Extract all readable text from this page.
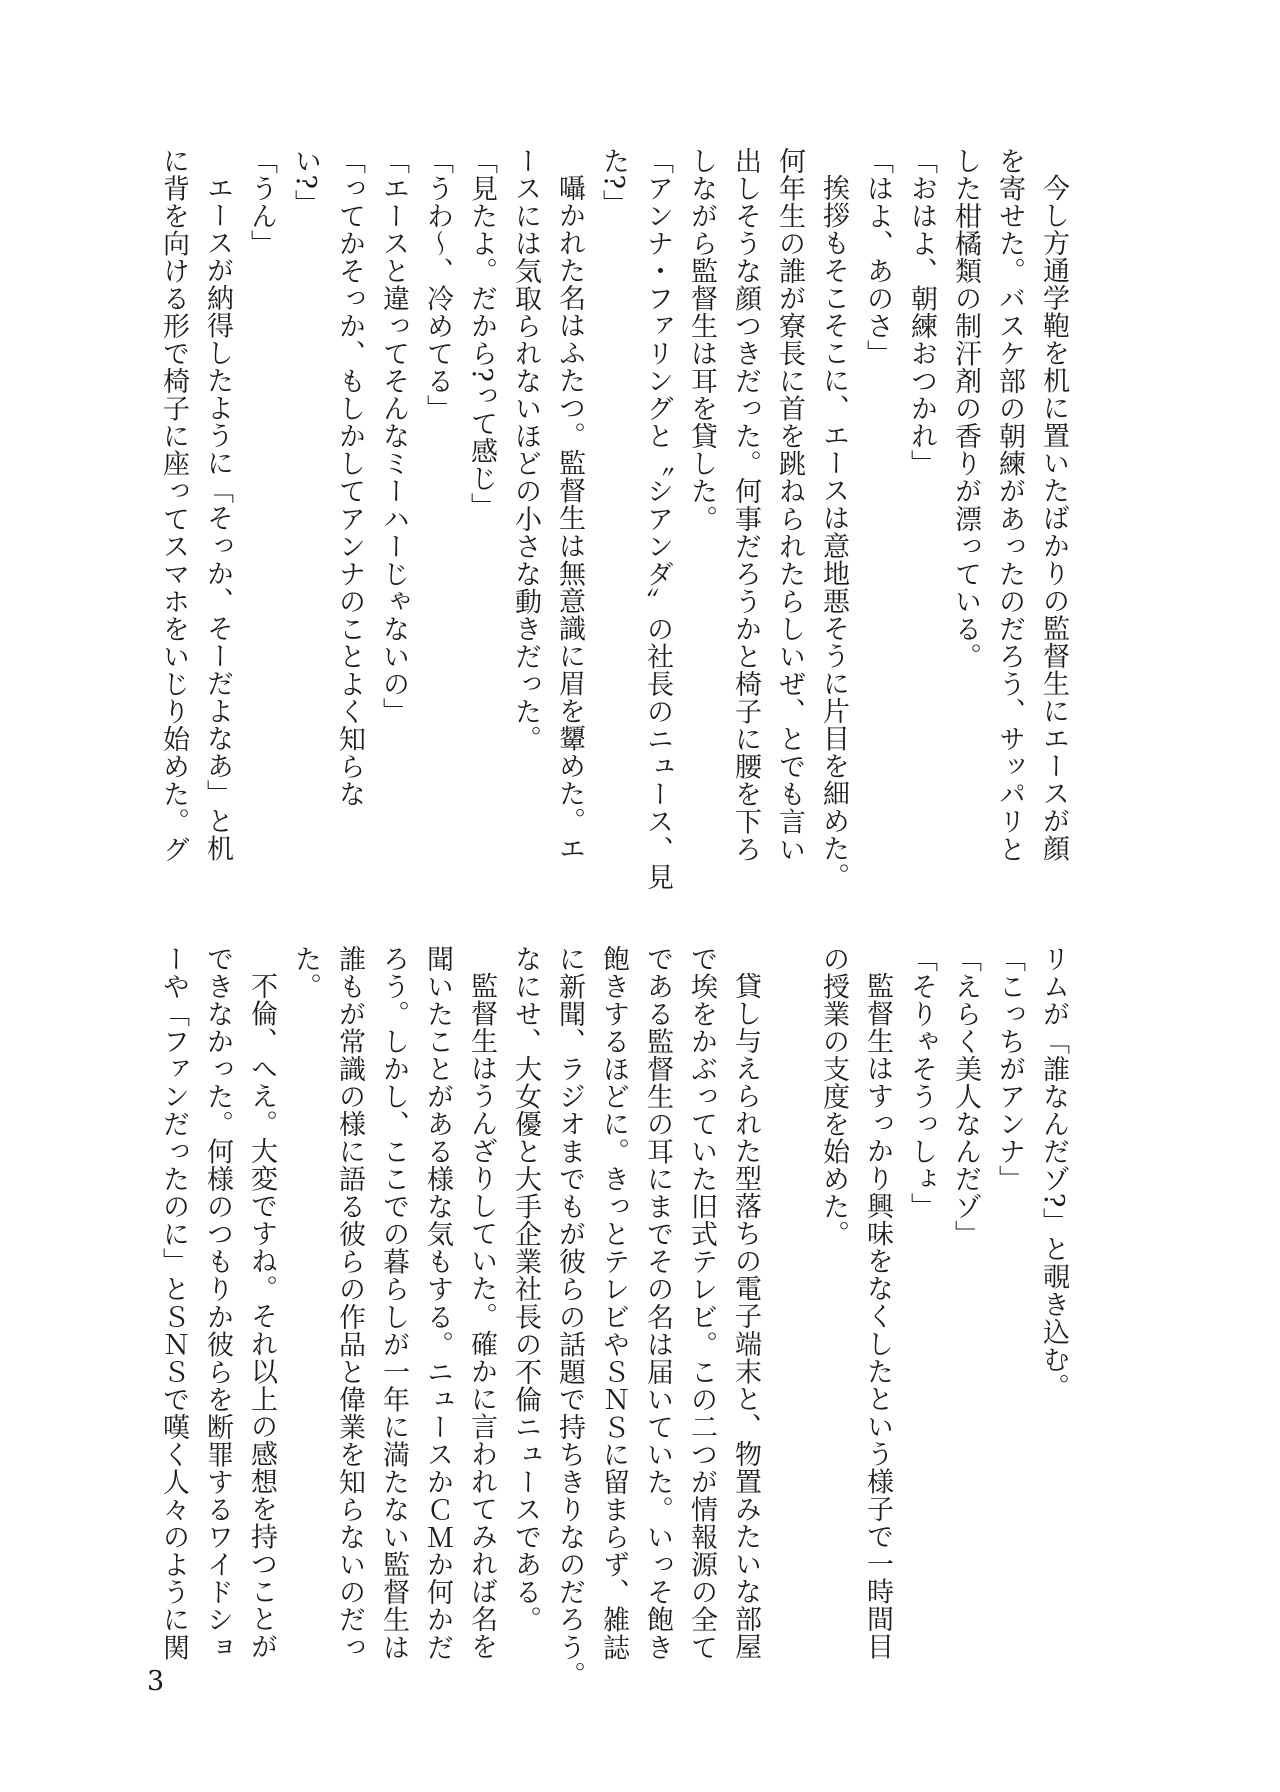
今し方通学鞄を机に置いたばかりの監督生にエースが顔
を寄せた。バスケ部の朝練があったのだろう、サッパリと
した柑橘類の制汗剤の香りが漂っている。
「おはよ、朝練おつかれ」
「はよ、あのさ」
挨拶もそこそこに、エースは意地悪そうに片目を細めた。
何年生の誰が寮長に首を跳ねられたらしいぜ、とでも言い
出しそうな顔つきだった。何事だろうかと椅子に腰を下ろ
しながら監督生は耳を貸した。
「アンナ・ファリングと〝シアンダ〟の社長のニュース、見
た?」
囁かれた名はふたつ。監督生は無意識に眉を顰めた。エ
ースには気取られないほどの小さな動きだった。
「見たよ。だから?って感じ」
「うわ〜、冷めてる」
「エースと違ってそんなミーハーじゃないの」
「ってかそっか、もしかしてアンナのことよく知らな
い?」
「うん」
エースが納得したように「そっか、そーだよなあ」と机
に背を向ける形で椅子に座ってスマホをいじり始めた。グ
リムが「誰なんだゾ?」と覗き込む。
「こっちがアンナ」
「えらく美人なんだゾ」
「そりゃそうっしょ」
監督生はすっかり興味をなくしたという様子で一時間目
の授業の支度を始めた。
貸し与えられた型落ちの電子端末と、物置みたいな部屋
で埃をかぶっていた旧式テレビ。この二つが情報源の全て
である監督生の耳にまでその名は届いていた。いっそ飽き
飽きするほどに。きっとテレビやＳＮＳに留まらず、雑誌
に新聞、ラジオまでもが彼らの話題で持ちきりなのだろう。
なにせ、大女優と大手企業社長の不倫ニュースである。
監督生はうんざりしていた。確かに言われてみれば名を
聞いたことがある様な気もする。ニュースかＣＭか何かだ
ろう。しかし、ここでの暮らしが一年に満たない監督生は
誰もが常識の様に語る彼らの作品と偉業を知らないのだっ
た。
不倫、へえ。大変ですね。それ以上の感想を持つことが
できなかった。何様のつもりか彼らを断罪するワイドショ
ーや「ファンだったのに」とＳＮＳで嘆く人々のように関
3
